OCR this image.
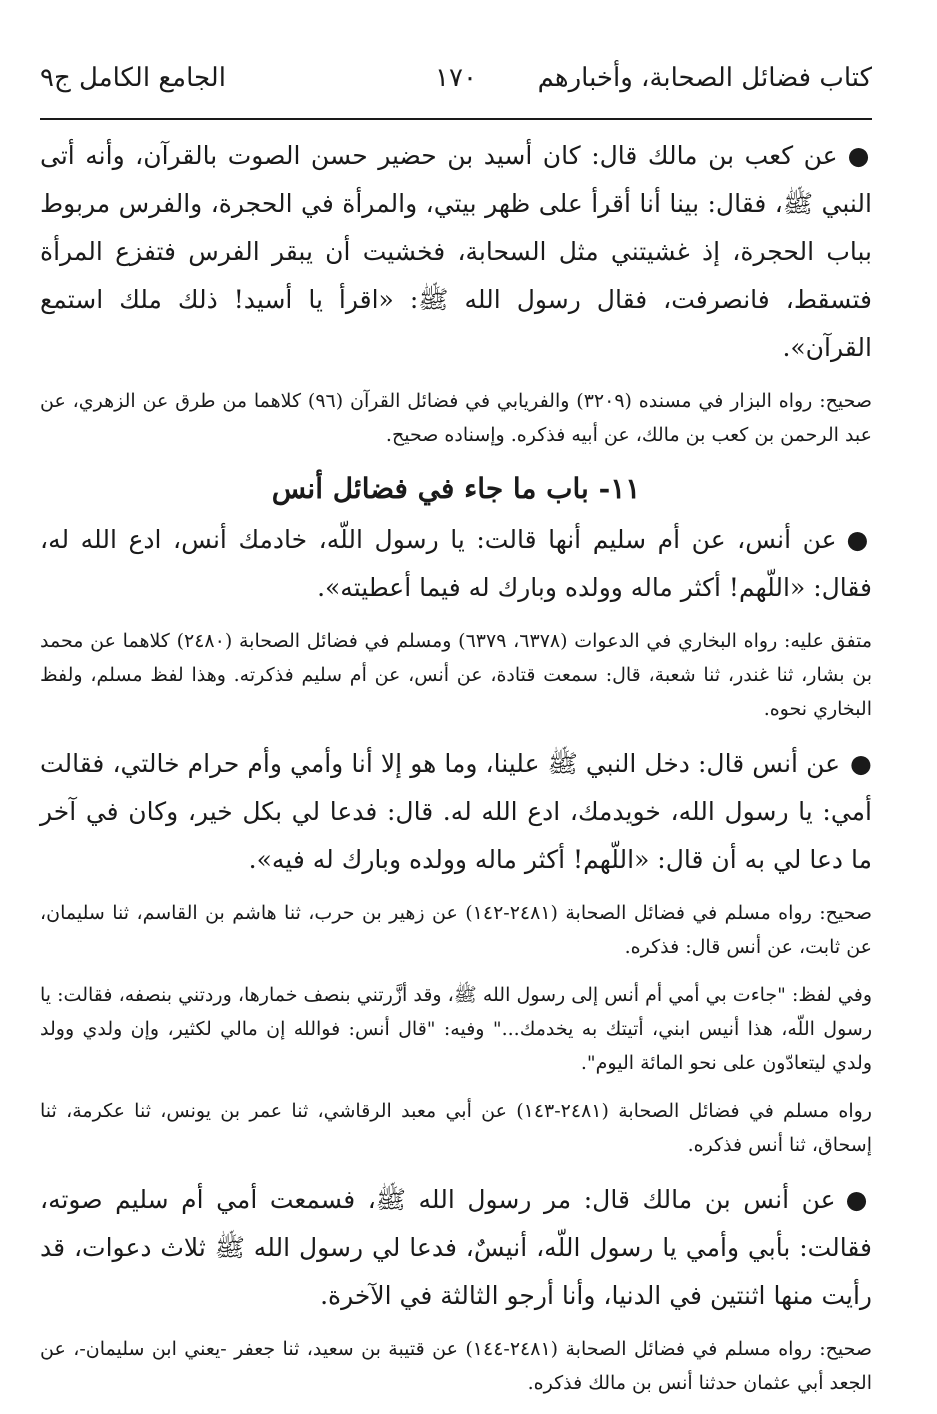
كتاب فضائل الصحابة، وأخبارهم
١٧٠
الجامع الكامل ج٩

●عن كعب بن مالك قال: كان أسيد بن حضير حسن الصوت بالقرآن، وأنه أتى النبي ﷺ، فقال: بينا أنا أقرأ على ظهر بيتي، والمرأة في الحجرة، والفرس مربوط بباب الحجرة، إذ غشيتني مثل السحابة، فخشيت أن يبقر الفرس فتفزع المرأة فتسقط، فانصرفت، فقال رسول الله ﷺ: «اقرأ يا أسيد! ذلك ملك استمع القرآن».

صحيح: رواه البزار في مسنده (٣٢٠٩) والفريابي في فضائل القرآن (٩٦) كلاهما من طرق عن الزهري، عن عبد الرحمن بن كعب بن مالك، عن أبيه فذكره. وإسناده صحيح.

١١- باب ما جاء في فضائل أنس

●عن أنس، عن أم سليم أنها قالت: يا رسول اللّه، خادمك أنس، ادع الله له، فقال: «اللّهم! أكثر ماله وولده وبارك له فيما أعطيته».

متفق عليه: رواه البخاري في الدعوات (٦٣٧٨، ٦٣٧٩) ومسلم في فضائل الصحابة (٢٤٨٠) كلاهما عن محمد بن بشار، ثنا غندر، ثنا شعبة، قال: سمعت قتادة، عن أنس، عن أم سليم فذكرته. وهذا لفظ مسلم، ولفظ البخاري نحوه.

●عن أنس قال: دخل النبي ﷺ علينا، وما هو إلا أنا وأمي وأم حرام خالتي، فقالت أمي: يا رسول الله، خويدمك، ادع الله له. قال: فدعا لي بكل خير، وكان في آخر ما دعا لي به أن قال: «اللّهم! أكثر ماله وولده وبارك له فيه».

صحيح: رواه مسلم في فضائل الصحابة (٢٤٨١-١٤٢) عن زهير بن حرب، ثنا هاشم بن القاسم، ثنا سليمان، عن ثابت، عن أنس قال: فذكره.

وفي لفظ: "جاءت بي أمي أم أنس إلى رسول الله ﷺ، وقد أزَّرتني بنصف خمارها، وردتني بنصفه، فقالت: يا رسول اللّه، هذا أنيس ابني، أتيتك به يخدمك..." وفيه: "قال أنس: فوالله إن مالي لكثير، وإن ولدي وولد ولدي ليتعادّون على نحو المائة اليوم".

رواه مسلم في فضائل الصحابة (٢٤٨١-١٤٣) عن أبي معبد الرقاشي، ثنا عمر بن يونس، ثنا عكرمة، ثنا إسحاق، ثنا أنس فذكره.

●عن أنس بن مالك قال: مر رسول الله ﷺ، فسمعت أمي أم سليم صوته، فقالت: بأبي وأمي يا رسول اللّه، أنيسٌ، فدعا لي رسول الله ﷺ ثلاث دعوات، قد رأيت منها اثنتين في الدنيا، وأنا أرجو الثالثة في الآخرة.

صحيح: رواه مسلم في فضائل الصحابة (٢٤٨١-١٤٤) عن قتيبة بن سعيد، ثنا جعفر -يعني ابن سليمان-، عن الجعد أبي عثمان حدثنا أنس بن مالك فذكره.
